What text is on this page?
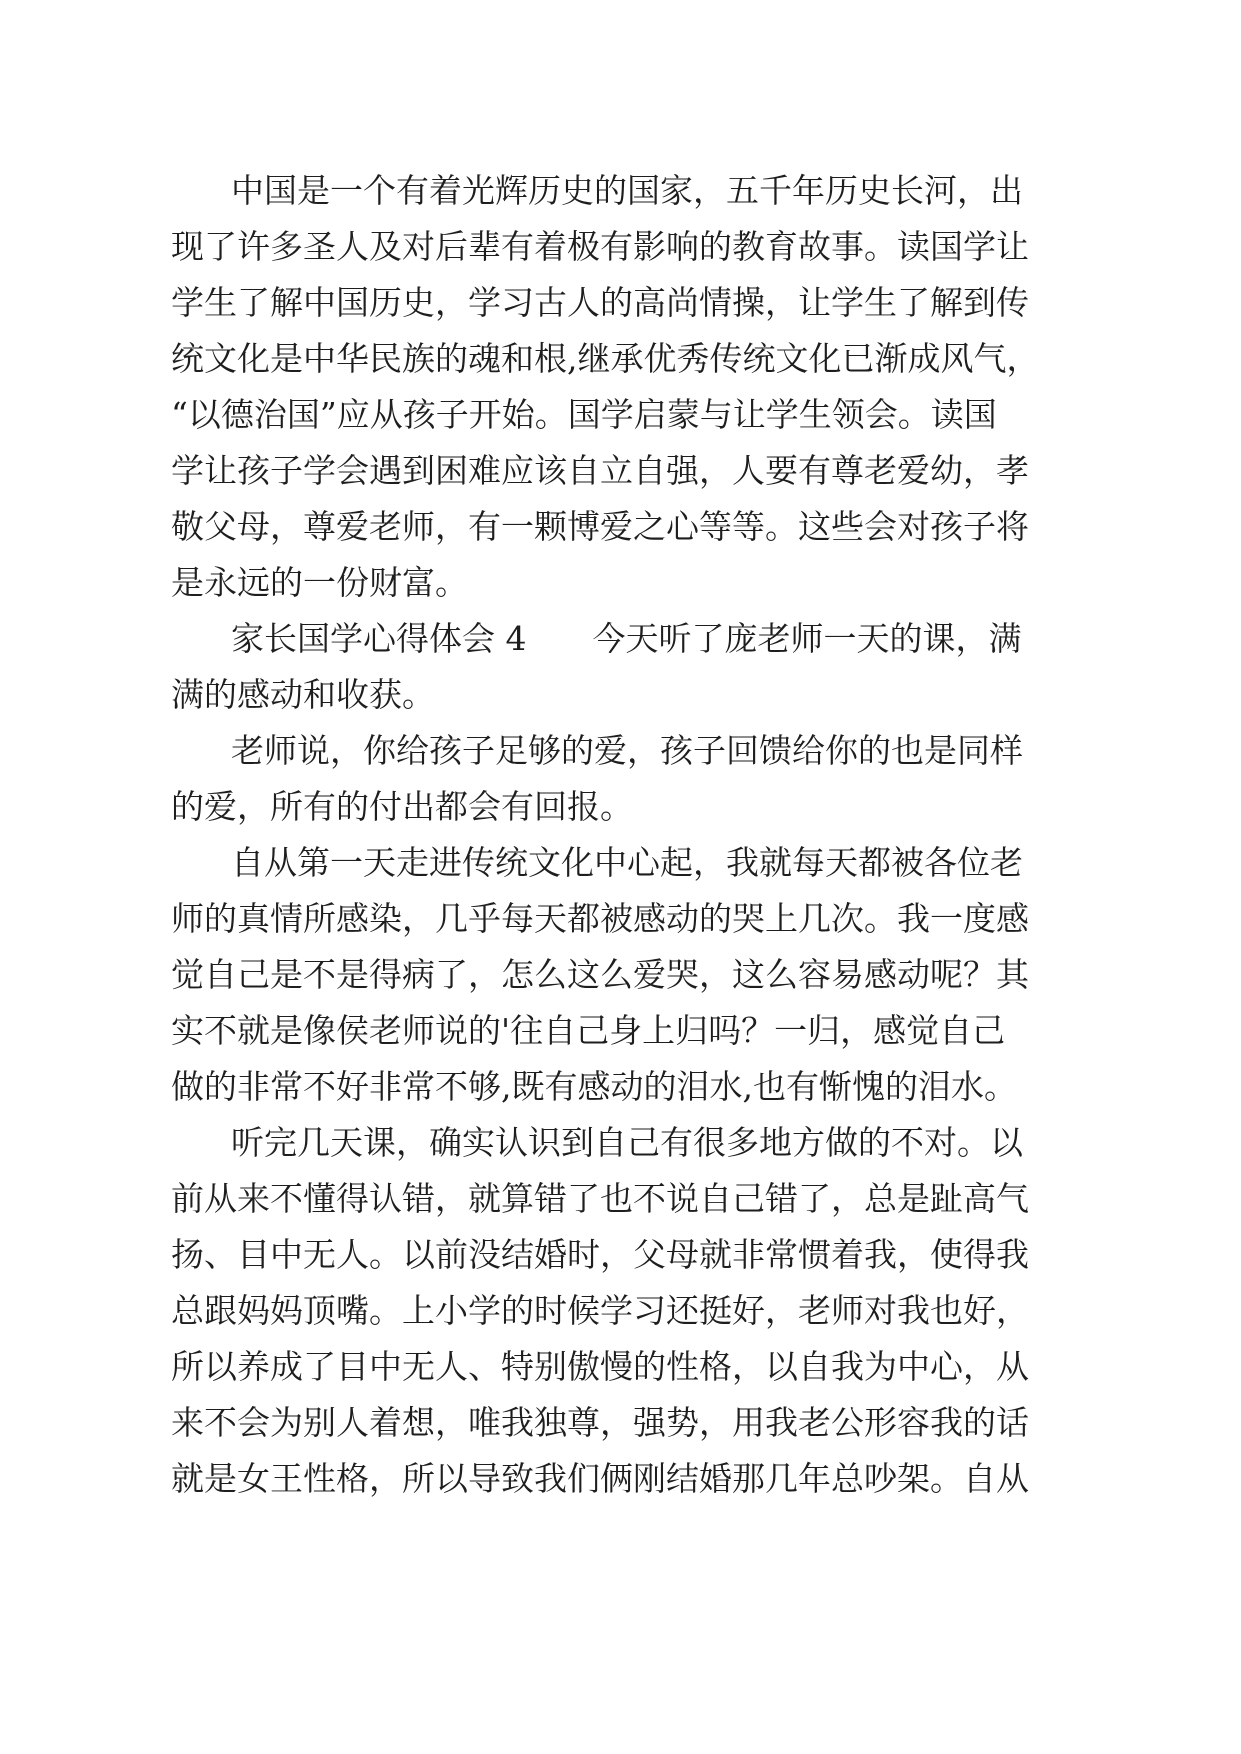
中国是一个有着光辉历史的国家，五千年历史长河，出
现了许多圣人及对后辈有着极有影响的教育故事。读国学让
学生了解中国历史，学习古人的高尚情操，让学生了解到传
统文化是中华民族的魂和根,继承优秀传统文化已渐成风气，
“以德治国”应从孩子开始。国学启蒙与让学生领会。读国
学让孩子学会遇到困难应该自立自强，人要有尊老爱幼，孝
敬父母，尊爱老师，有一颗博爱之心等等。这些会对孩子将
是永远的一份财富。
家长国学心得体会 4　　今天听了庞老师一天的课，满
满的感动和收获。
老师说，你给孩子足够的爱，孩子回馈给你的也是同样
的爱，所有的付出都会有回报。
自从第一天走进传统文化中心起，我就每天都被各位老
师的真情所感染，几乎每天都被感动的哭上几次。我一度感
觉自己是不是得病了，怎么这么爱哭，这么容易感动呢？其
实不就是像侯老师说的'往自己身上归吗？一归，感觉自己
做的非常不好非常不够,既有感动的泪水,也有惭愧的泪水。
听完几天课，确实认识到自己有很多地方做的不对。以
前从来不懂得认错，就算错了也不说自己错了，总是趾高气
扬、目中无人。以前没结婚时，父母就非常惯着我，使得我
总跟妈妈顶嘴。上小学的时候学习还挺好，老师对我也好，
所以养成了目中无人、特别傲慢的性格，以自我为中心，从
来不会为别人着想，唯我独尊，强势，用我老公形容我的话
就是女王性格，所以导致我们俩刚结婚那几年总吵架。自从
